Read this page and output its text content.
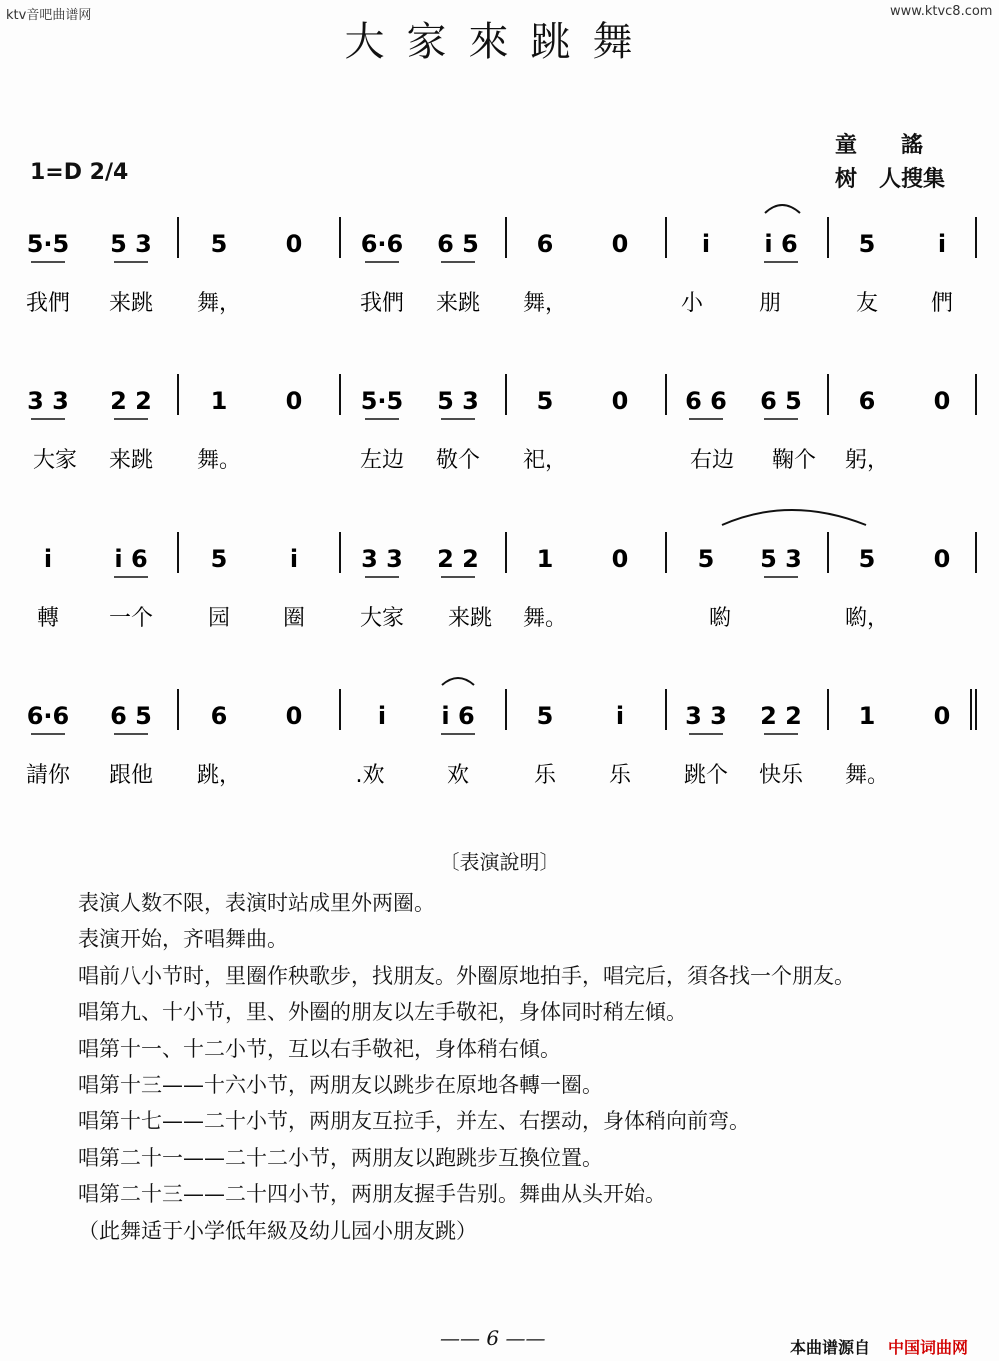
ktv音吧曲谱网	www.ktvc8.com
大家來跳舞
1=D 2/4
童　　謠
树　人搜集
5·5 5 3 5 0 6·6 6 5 6 0	i i 6	5	i
我們 来跳 舞，	我們 来跳 舞，	小	朋	友 們
3 3 2 2 1 0 5·5 5 3 5 0 6 6 6 5 6 0
大家 来跳 舞。	左边 敬个 祀，	右边 鞠个 躬，
i	i 6	5	i	3 3 2 2 1 0	5 5 3 5 0
轉 一个 园 圈 大家 来跳 舞。	喲	喲，
6·6 6 5 6 0	i i 6	5	i	3 3 2 2 1 0
請你 跟他 跳，	.欢	欢	乐 乐 跳个 快乐 舞。
〔表演說明〕
表演人数不限，表演时站成里外两圈。
表演开始，齐唱舞曲。
唱前八小节时，里圈作秧歌步，找朋友。外圈原地拍手，唱完后，須各找一个朋友。
唱第九、十小节，里、外圈的朋友以左手敬祀，身体同时稍左傾。
唱第十一、十二小节，互以右手敬祀，身体稍右傾。
唱第十三——十六小节，两朋友以跳步在原地各轉一圈。
唱第十七——二十小节，两朋友互拉手，并左、右摆动，身体稍向前弯。
唱第二十一——二十二小节，两朋友以跑跳步互換位置。
唱第二十三——二十四小节，两朋友握手告别。舞曲从头开始。
（此舞适于小学低年級及幼儿园小朋友跳）
—— 6 ——	本曲谱源自 中国词曲网
